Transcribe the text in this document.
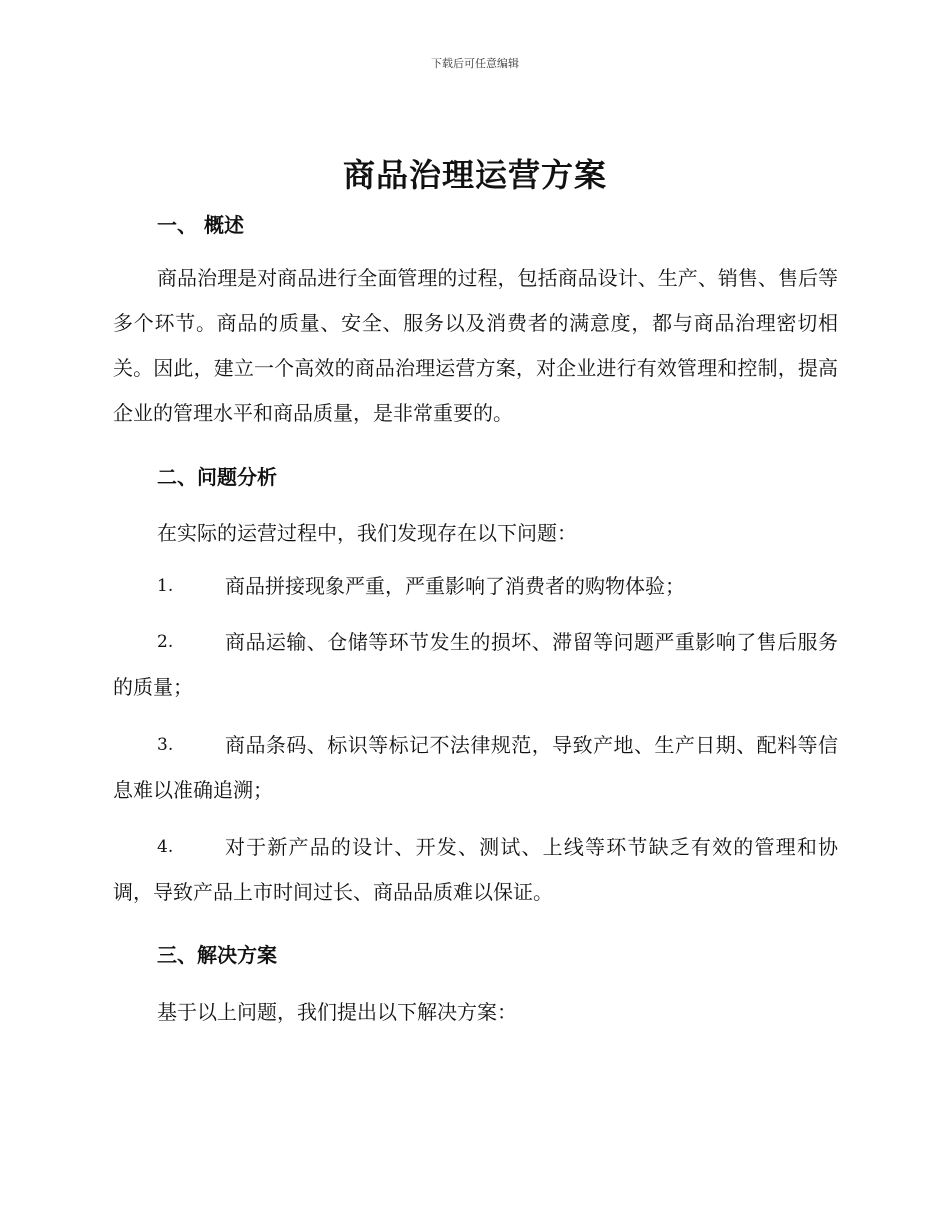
下载后可任意编辑
商品治理运营方案
一、 概述
商品治理是对商品进行全面管理的过程，包括商品设计、生产、销售、售后等多个环节。商品的质量、安全、服务以及消费者的满意度，都与商品治理密切相关。因此，建立一个高效的商品治理运营方案，对企业进行有效管理和控制，提高企业的管理水平和商品质量，是非常重要的。
二、问题分析
在实际的运营过程中，我们发现存在以下问题：
1.	商品拼接现象严重，严重影响了消费者的购物体验；
2.	商品运输、仓储等环节发生的损坏、滞留等问题严重影响了售后服务的质量；
3.	商品条码、标识等标记不法律规范，导致产地、生产日期、配料等信息难以准确追溯；
4.	对于新产品的设计、开发、测试、上线等环节缺乏有效的管理和协调，导致产品上市时间过长、商品品质难以保证。
三、解决方案
基于以上问题，我们提出以下解决方案：
